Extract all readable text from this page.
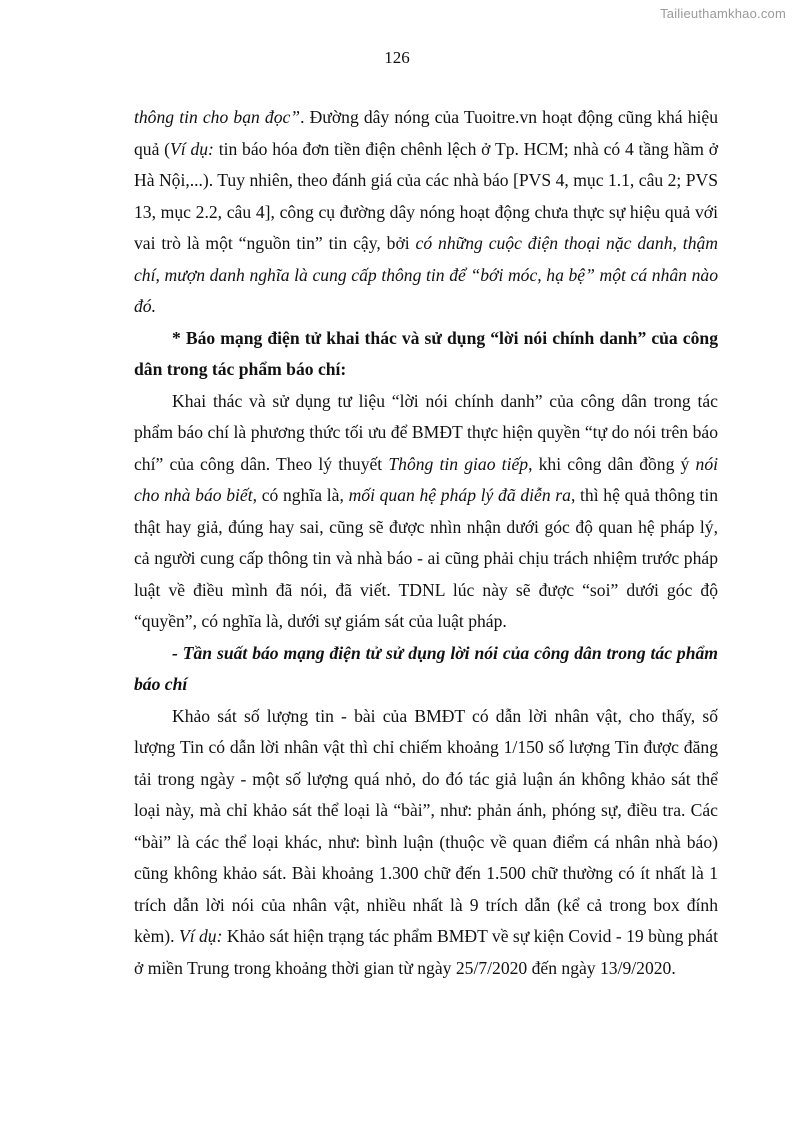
Tailieuthamkhao.com
126

thông tin cho bạn đọc”. Đường dây nóng của Tuoitre.vn hoạt động cũng khá hiệu quả (Ví dụ: tin báo hóa đơn tiền điện chênh lệch ở Tp. HCM; nhà có 4 tầng hầm ở Hà Nội,...). Tuy nhiên, theo đánh giá của các nhà báo [PVS 4, mục 1.1, câu 2; PVS 13, mục 2.2, câu 4], công cụ đường dây nóng hoạt động chưa thực sự hiệu quả với vai trò là một “nguồn tin” tin cậy, bởi có những cuộc điện thoại nặc danh, thậm chí, mượn danh nghĩa là cung cấp thông tin để “bới móc, hạ bệ” một cá nhân nào đó.

* Báo mạng điện tử khai thác và sử dụng “lời nói chính danh” của công dân trong tác phẩm báo chí:

Khai thác và sử dụng tư liệu “lời nói chính danh” của công dân trong tác phẩm báo chí là phương thức tối ưu để BMĐT thực hiện quyền “tự do nói trên báo chí” của công dân. Theo lý thuyết Thông tin giao tiếp, khi công dân đồng ý nói cho nhà báo biết, có nghĩa là, mối quan hệ pháp lý đã diễn ra, thì hệ quả thông tin thật hay giả, đúng hay sai, cũng sẽ được nhìn nhận dưới góc độ quan hệ pháp lý, cả người cung cấp thông tin và nhà báo - ai cũng phải chịu trách nhiệm trước pháp luật về điều mình đã nói, đã viết. TDNL lúc này sẽ được “soi” dưới góc độ “quyền”, có nghĩa là, dưới sự giám sát của luật pháp.

- Tần suất báo mạng điện tử sử dụng lời nói của công dân trong tác phẩm báo chí

Khảo sát số lượng tin - bài của BMĐT có dẫn lời nhân vật, cho thấy, số lượng Tin có dẫn lời nhân vật thì chỉ chiếm khoảng 1/150 số lượng Tin được đăng tải trong ngày - một số lượng quá nhỏ, do đó tác giả luận án không khảo sát thể loại này, mà chỉ khảo sát thể loại là “bài”, như: phản ánh, phóng sự, điều tra. Các “bài” là các thể loại khác, như: bình luận (thuộc về quan điểm cá nhân nhà báo) cũng không khảo sát. Bài khoảng 1.300 chữ đến 1.500 chữ thường có ít nhất là 1 trích dẫn lời nói của nhân vật, nhiều nhất là 9 trích dẫn (kể cả trong box đính kèm). Ví dụ: Khảo sát hiện trạng tác phẩm BMĐT về sự kiện Covid - 19 bùng phát ở miền Trung trong khoảng thời gian từ ngày 25/7/2020 đến ngày 13/9/2020.
